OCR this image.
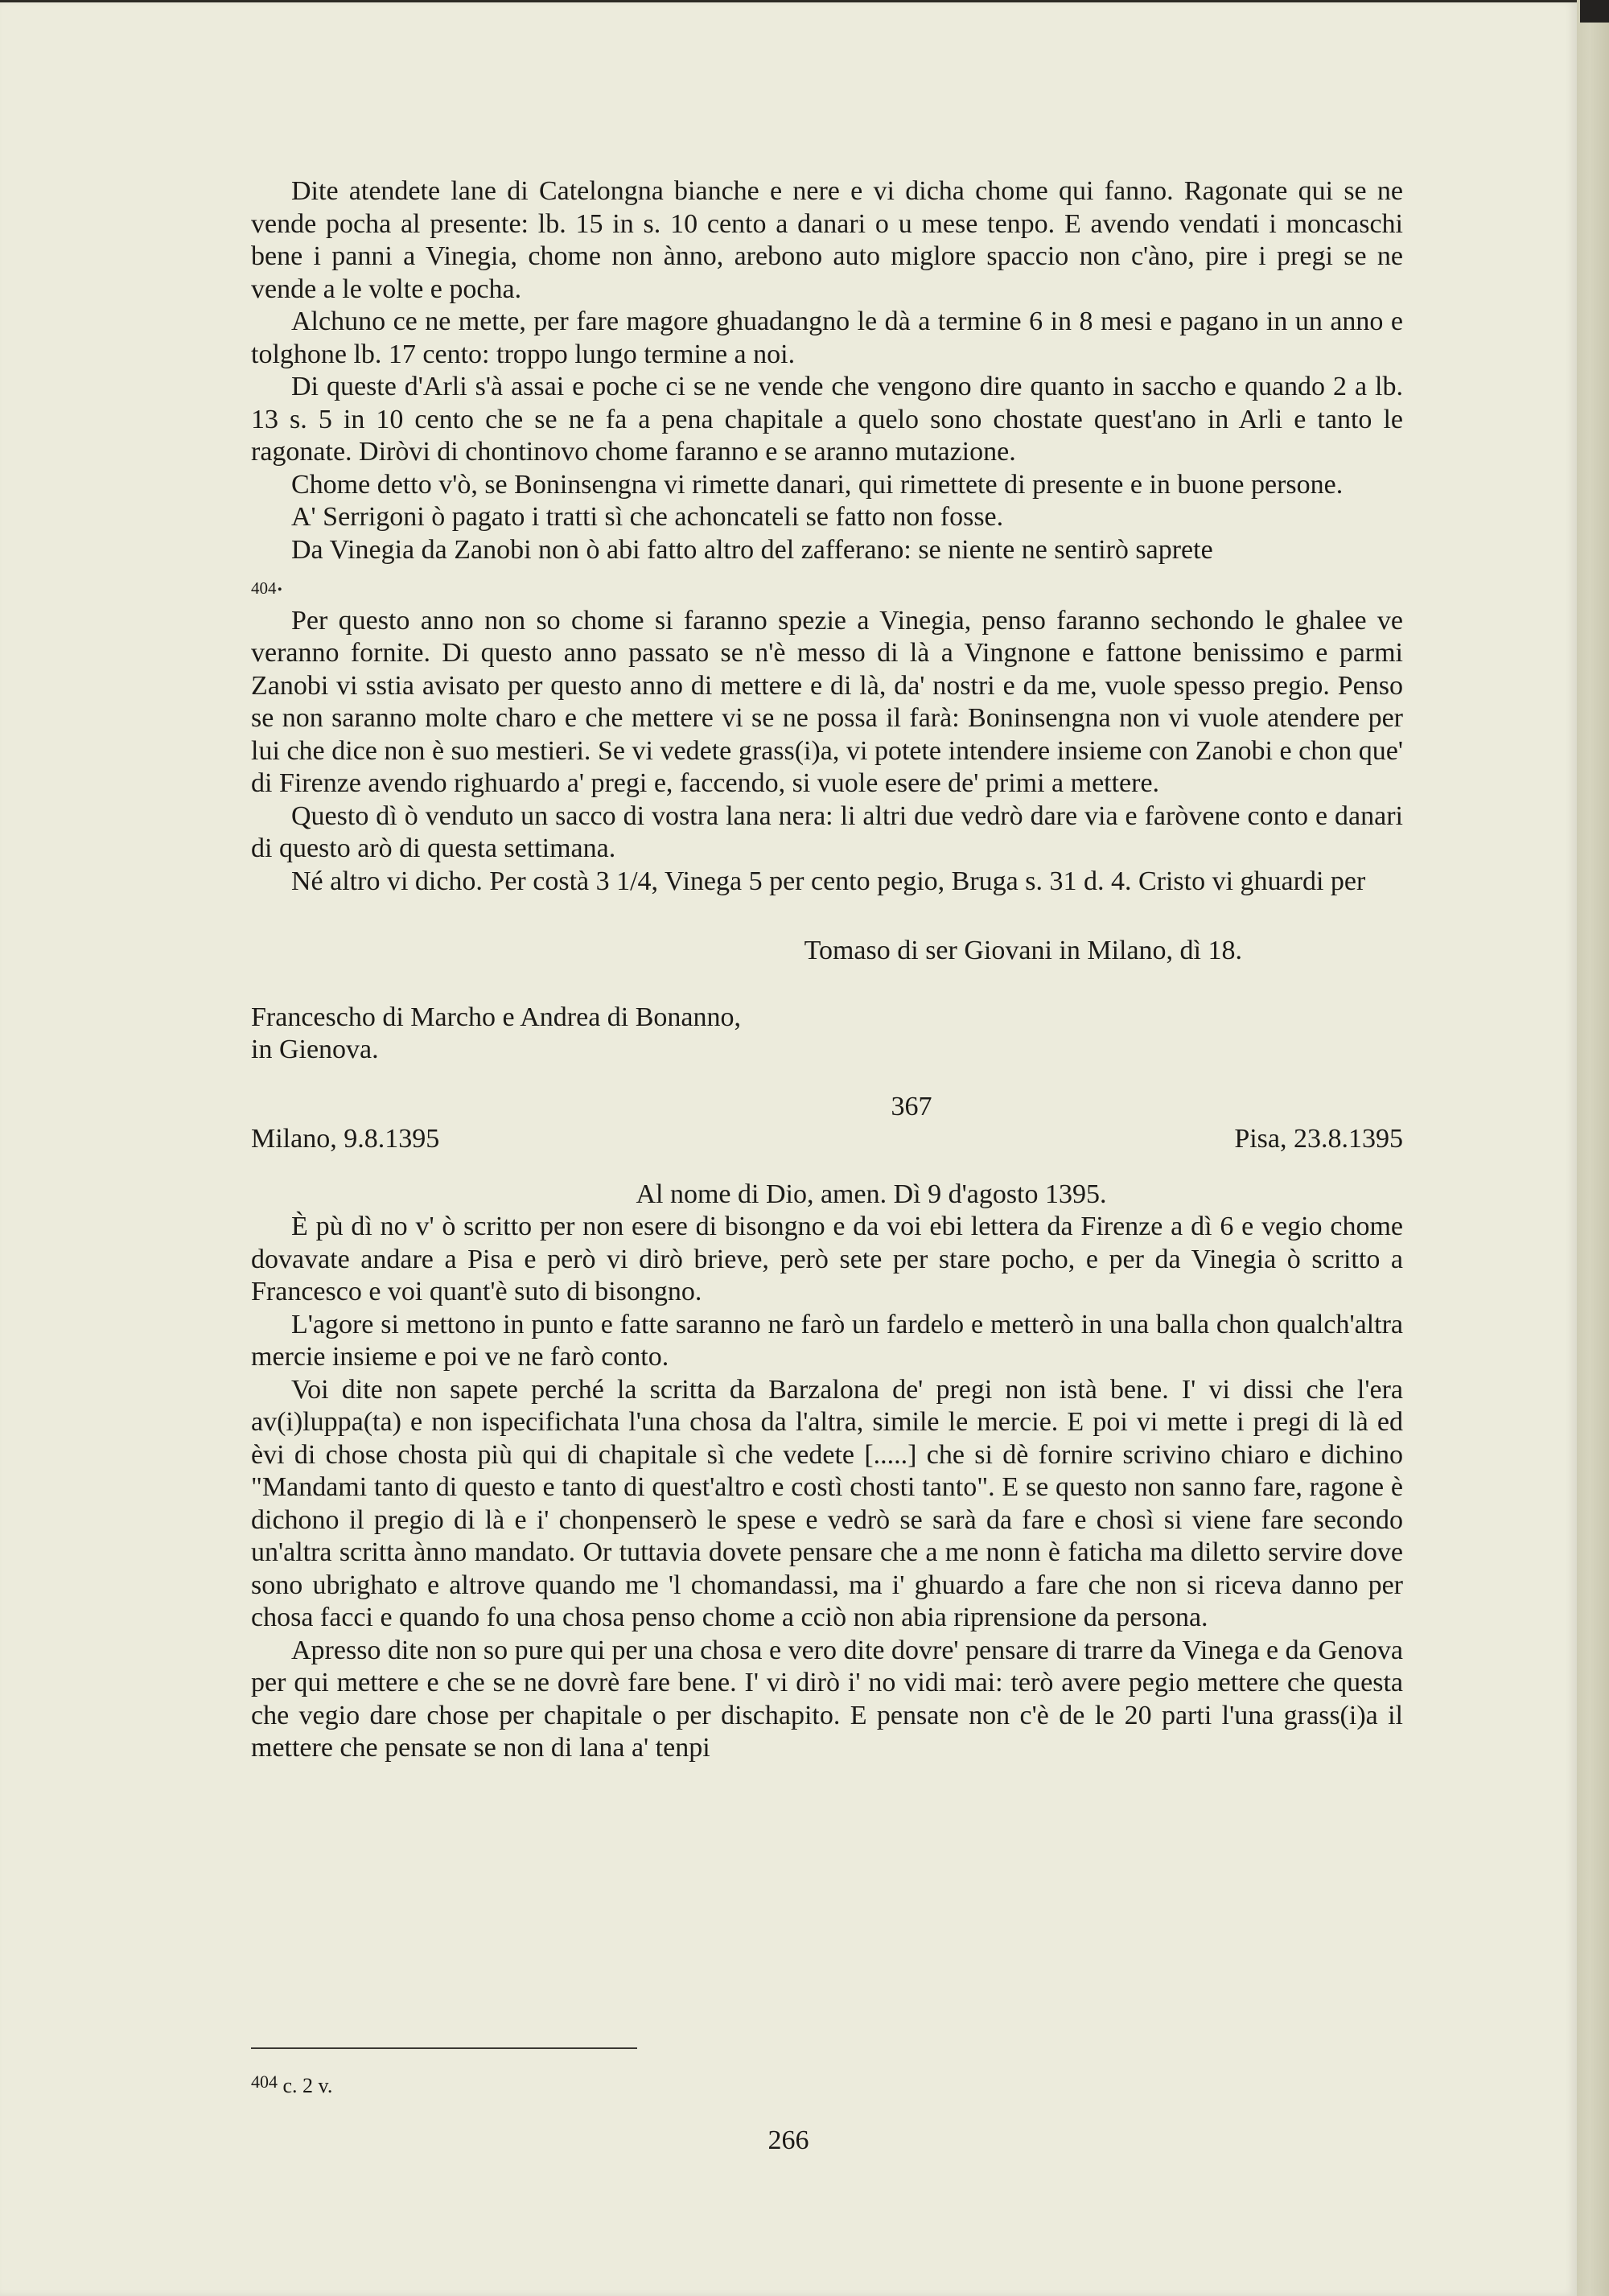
Dite atendete lane di Catelongna bianche e nere e vi dicha chome qui fanno. Ragonate qui se ne vende pocha al presente: lb. 15 in s. 10 cento a danari o u mese tenpo. E avendo vendati i moncaschi bene i panni a Vinegia, chome non ànno, arebono auto miglore spaccio non c'àno, pire i pregi se ne vende a le volte e pocha.

Alchuno ce ne mette, per fare magore ghuadangno le dà a termine 6 in 8 mesi e pagano in un anno e tolghone lb. 17 cento: troppo lungo termine a noi.

Di queste d'Arli s'à assai e poche ci se ne vende che vengono dire quanto in saccho e quando 2 a lb. 13 s. 5 in 10 cento che se ne fa a pena chapitale a quelo sono chostate quest'ano in Arli e tanto le ragonate. Diròvi di chontinovo chome faranno e se aranno mutazione.

Chome detto v'ò, se Boninsengna vi rimette danari, qui rimettete di presente e in buone persone.

A' Serrigoni ò pagato i tratti sì che achoncateli se fatto non fosse.

Da Vinegia da Zanobi non ò abi fatto altro del zafferano: se niente ne sentirò saprete
404.

Per questo anno non so chome si faranno spezie a Vinegia, penso faranno sechondo le ghalee ve veranno fornite. Di questo anno passato se n'è messo di là a Vingnone e fattone benissimo e parmi Zanobi vi sstia avisato per questo anno di mettere e di là, da' nostri e da me, vuole spesso pregio. Penso se non saranno molte charo e che mettere vi se ne possa il farà: Boninsengna non vi vuole atendere per lui che dice non è suo mestieri. Se vi vedete grass(i)a, vi potete intendere insieme con Zanobi e chon que' di Firenze avendo righuardo a' pregi e, faccendo, si vuole esere de' primi a mettere.

Questo dì ò venduto un sacco di vostra lana nera: li altri due vedrò dare via e faròvene conto e danari di questo arò di questa settimana.

Né altro vi dicho. Per costà 3 1/4, Vinega 5 per cento pegio, Bruga s. 31 d. 4. Cristo vi ghuardi per

Tomaso di ser Giovani in Milano, dì 18.

Francescho di Marcho e Andrea di Bonanno,
in Gienova.
367
Milano, 9.8.1395	Pisa, 23.8.1395
Al nome di Dio, amen. Dì 9 d'agosto 1395.

È pù dì no v' ò scritto per non esere di bisongno e da voi ebi lettera da Firenze a dì 6 e vegio chome dovavate andare a Pisa e però vi dirò brieve, però sete per stare pocho, e per da Vinegia ò scritto a Francesco e voi quant'è suto di bisongno.

L'agore si mettono in punto e fatte saranno ne farò un fardelo e metterò in una balla chon qualch'altra mercie insieme e poi ve ne farò conto.

Voi dite non sapete perché la scritta da Barzalona de' pregi non istà bene. I' vi dissi che l'era av(i)luppa(ta) e non ispecifichata l'una chosa da l'altra, simile le mercie. E poi vi mette i pregi di là ed èvi di chose chosta più qui di chapitale sì che vedete [.....] che si dè fornire scrivino chiaro e dichino "Mandami tanto di questo e tanto di quest'altro e costì chosti tanto". E se questo non sanno fare, ragone è dichono il pregio di là e i' chonpenserò le spese e vedrò se sarà da fare e chosì si viene fare secondo un'altra scritta ànno mandato. Or tuttavia dovete pensare che a me nonn è faticha ma diletto servire dove sono ubrighato e altrove quando me 'l chomandassi, ma i' ghuardo a fare che non si riceva danno per chosa facci e quando fo una chosa penso chome a cciò non abia riprensione da persona.

Apresso dite non so pure qui per una chosa e vero dite dovre' pensare di trarre da Vinega e da Genova per qui mettere e che se ne dovrè fare bene. I' vi dirò i' no vidi mai: terò avere pegio mettere che questa che vegio dare chose per chapitale o per dischapito. E pensate non c'è de le 20 parti l'una grass(i)a il mettere che pensate se non di lana a' tenpi

$^{404}$ c. 2 v.
266
